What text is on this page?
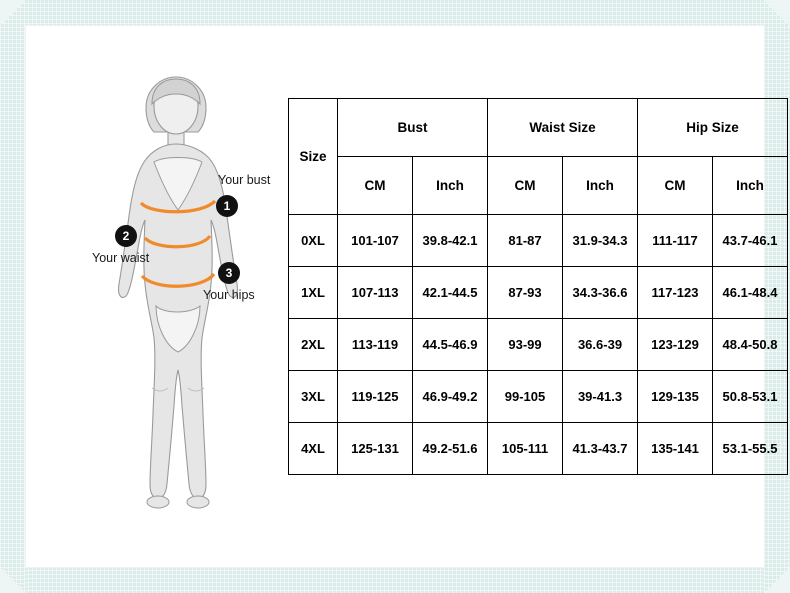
1
Your bust
2
Your waist
3
Your hips
Size	Bust		Waist Size		Hip Size	
	CM	Inch	CM	Inch	CM	Inch
0XL	101-107	39.8-42.1	81-87	31.9-34.3	111-117	43.7-46.1
1XL	107-113	42.1-44.5	87-93	34.3-36.6	117-123	46.1-48.4
2XL	113-119	44.5-46.9	93-99	36.6-39	123-129	48.4-50.8
3XL	119-125	46.9-49.2	99-105	39-41.3	129-135	50.8-53.1
4XL	125-131	49.2-51.6	105-111	41.3-43.7	135-141	53.1-55.5
